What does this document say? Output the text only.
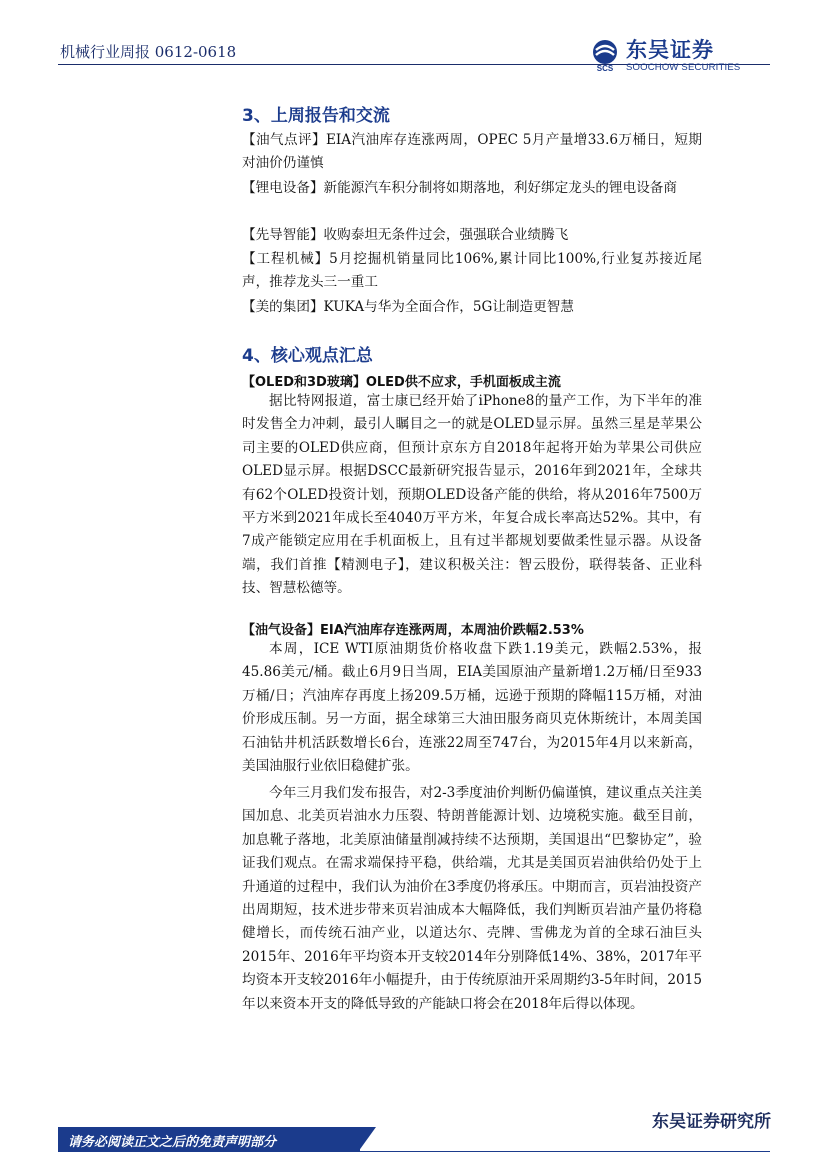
机械行业周报 0612-0618
SCS
东吴证券
SOOCHOW SECURITIES
3、上周报告和交流
【油气点评】EIA汽油库存连涨两周，OPEC 5月产量增33.6万桶日，短期对油价仍谨慎
【锂电设备】新能源汽车积分制将如期落地，利好绑定龙头的锂电设备商
【先导智能】收购泰坦无条件过会，强强联合业绩腾飞
【工程机械】5月挖掘机销量同比106%,累计同比100%,行业复苏接近尾声，推荐龙头三一重工
【美的集团】KUKA与华为全面合作，5G让制造更智慧
4、核心观点汇总
【OLED和3D玻璃】OLED供不应求，手机面板成主流
据比特网报道，富士康已经开始了iPhone8的量产工作，为下半年的准时发售全力冲刺，最引人瞩目之一的就是OLED显示屏。虽然三星是苹果公司主要的OLED供应商，但预计京东方自2018年起将开始为苹果公司供应OLED显示屏。根据DSCC最新研究报告显示，2016年到2021年，全球共有62个OLED投资计划，预期OLED设备产能的供给，将从2016年7500万平方米到2021年成长至4040万平方米，年复合成长率高达52%。其中，有7成产能锁定应用在手机面板上，且有过半都规划要做柔性显示器。从设备端，我们首推【精测电子】，建议积极关注：智云股份，联得装备、正业科技、智慧松德等。
【油气设备】EIA汽油库存连涨两周，本周油价跌幅2.53%
本周，ICE WTI原油期货价格收盘下跌1.19美元，跌幅2.53%，报45.86美元/桶。截止6月9日当周，EIA美国原油产量新增1.2万桶/日至933万桶/日；汽油库存再度上扬209.5万桶，远逊于预期的降幅115万桶，对油价形成压制。另一方面，据全球第三大油田服务商贝克休斯统计，本周美国石油钻井机活跃数增长6台，连涨22周至747台，为2015年4月以来新高，美国油服行业依旧稳健扩张。
今年三月我们发布报告，对2-3季度油价判断仍偏谨慎，建议重点关注美国加息、北美页岩油水力压裂、特朗普能源计划、边境税实施。截至目前，加息靴子落地，北美原油储量削减持续不达预期，美国退出“巴黎协定”，验证我们观点。在需求端保持平稳，供给端，尤其是美国页岩油供给仍处于上升通道的过程中，我们认为油价在3季度仍将承压。中期而言，页岩油投资产出周期短，技术进步带来页岩油成本大幅降低，我们判断页岩油产量仍将稳健增长，而传统石油产业，以道达尔、壳牌、雪佛龙为首的全球石油巨头2015年、2016年平均资本开支较2014年分别降低14%、38%，2017年平均资本开支较2016年小幅提升，由于传统原油开采周期约3-5年时间，2015年以来资本开支的降低导致的产能缺口将会在2018年后得以体现。
东吴证券研究所
请务必阅读正文之后的免责声明部分
